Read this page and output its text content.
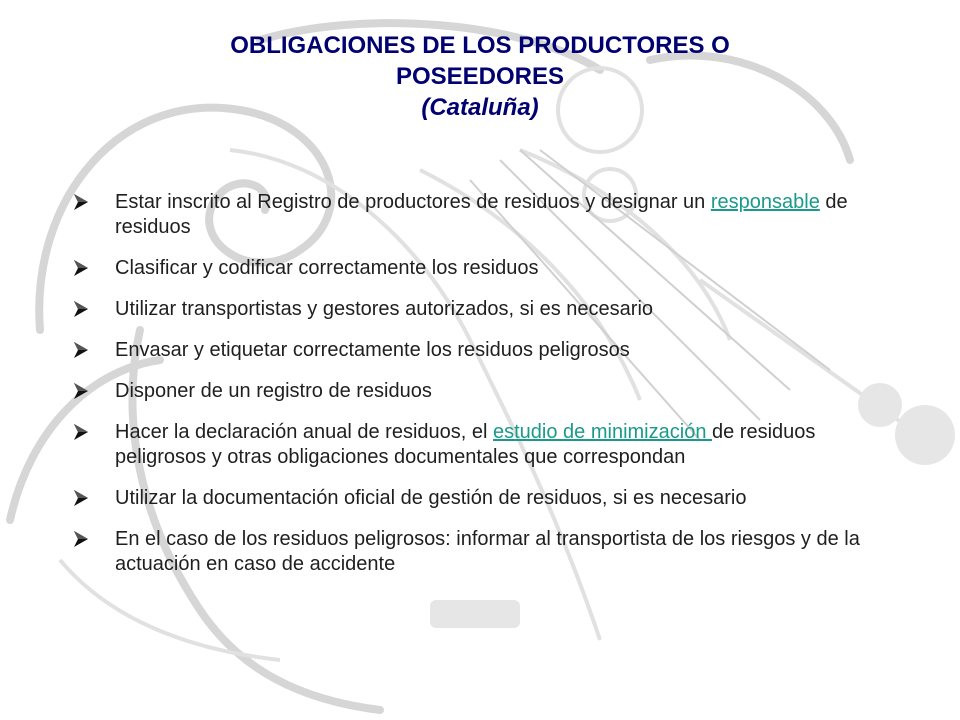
OBLIGACIONES DE LOS PRODUCTORES O
POSEEDORES
(Cataluña)
Estar inscrito al Registro de productores de residuos y designar un responsable de residuos
Clasificar y codificar correctamente los residuos
Utilizar transportistas y gestores autorizados, si es necesario
Envasar y etiquetar correctamente los residuos peligrosos
Disponer de un registro de residuos
Hacer la declaración anual de residuos, el estudio de minimización de residuos peligrosos y otras obligaciones documentales que correspondan
Utilizar la documentación oficial de gestión de residuos, si es necesario
En el caso de los residuos peligrosos: informar al transportista de los riesgos y de la actuación en caso de accidente
